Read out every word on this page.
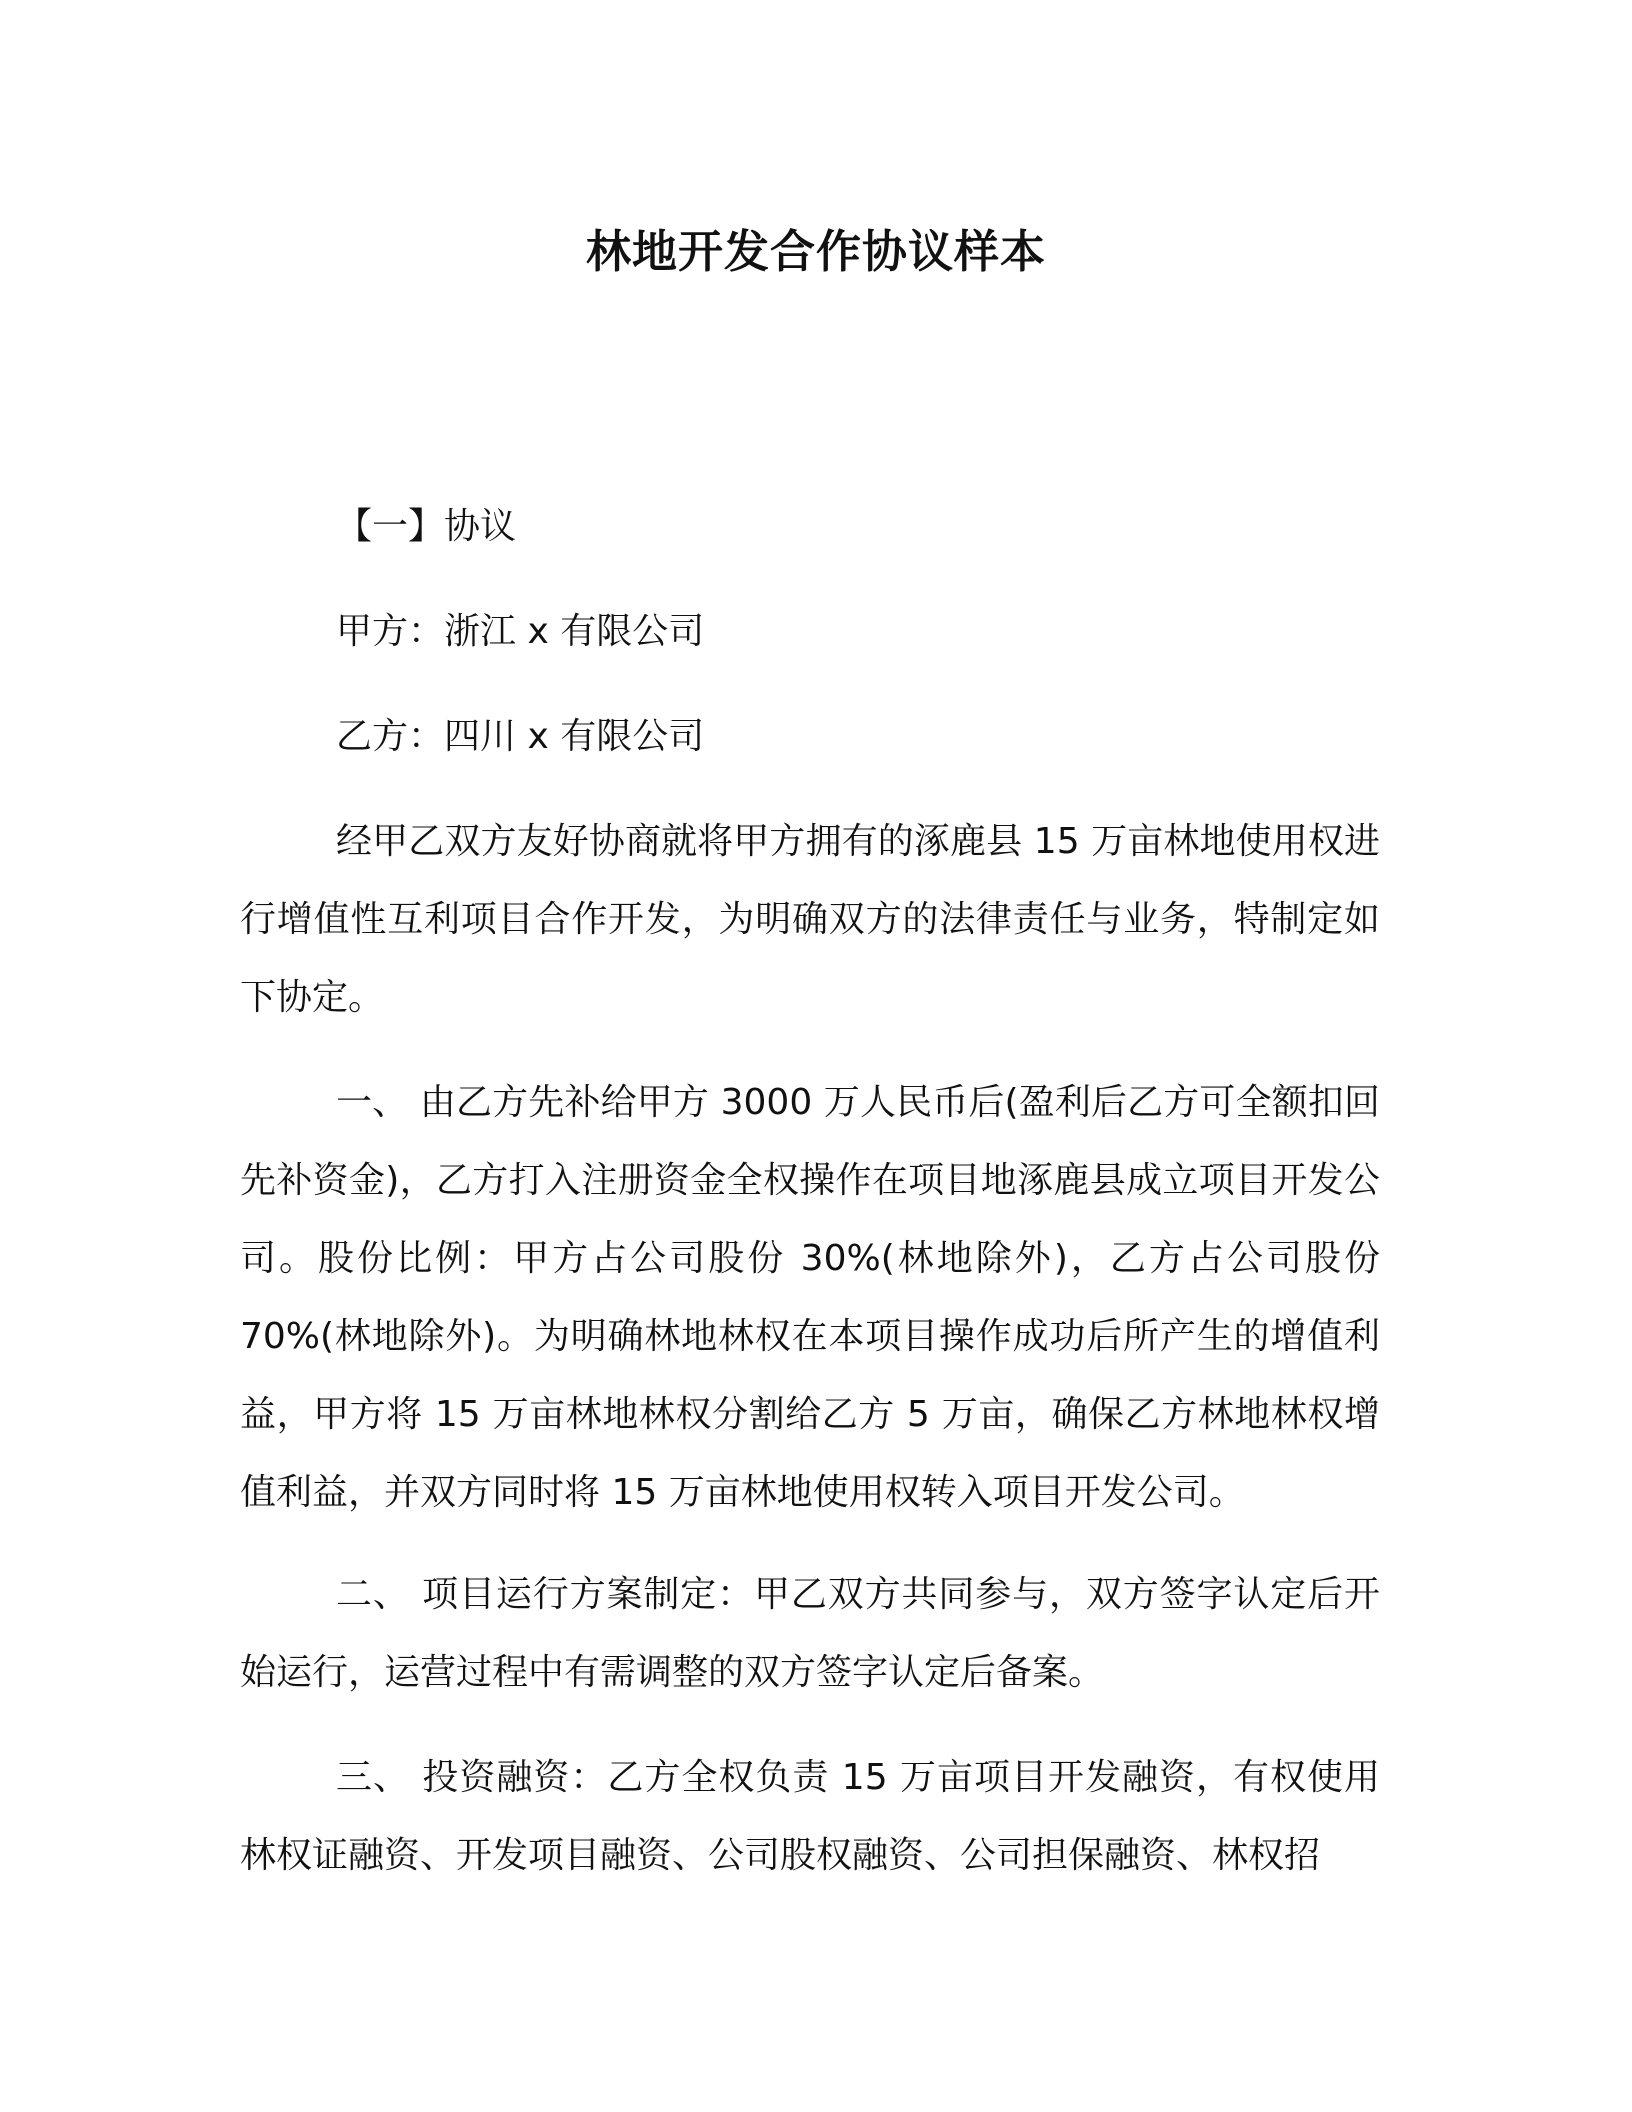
林地开发合作协议样本

【一】协议

甲方：浙江 x 有限公司

乙方：四川 x 有限公司

经甲乙双方友好协商就将甲方拥有的涿鹿县 15 万亩林地使用权进行增值性互利项目合作开发，为明确双方的法律责任与业务，特制定如下协定。

一、 由乙方先补给甲方 3000 万人民币后(盈利后乙方可全额扣回先补资金)，乙方打入注册资金全权操作在项目地涿鹿县成立项目开发公司。股份比例：甲方占公司股份 30%(林地除外)，乙方占公司股份 70%(林地除外)。为明确林地林权在本项目操作成功后所产生的增值利益，甲方将 15 万亩林地林权分割给乙方 5 万亩，确保乙方林地林权增值利益，并双方同时将 15 万亩林地使用权转入项目开发公司。

二、 项目运行方案制定：甲乙双方共同参与，双方签字认定后开始运行，运营过程中有需调整的双方签字认定后备案。

三、 投资融资：乙方全权负责 15 万亩项目开发融资，有权使用林权证融资、开发项目融资、公司股权融资、公司担保融资、林权招
